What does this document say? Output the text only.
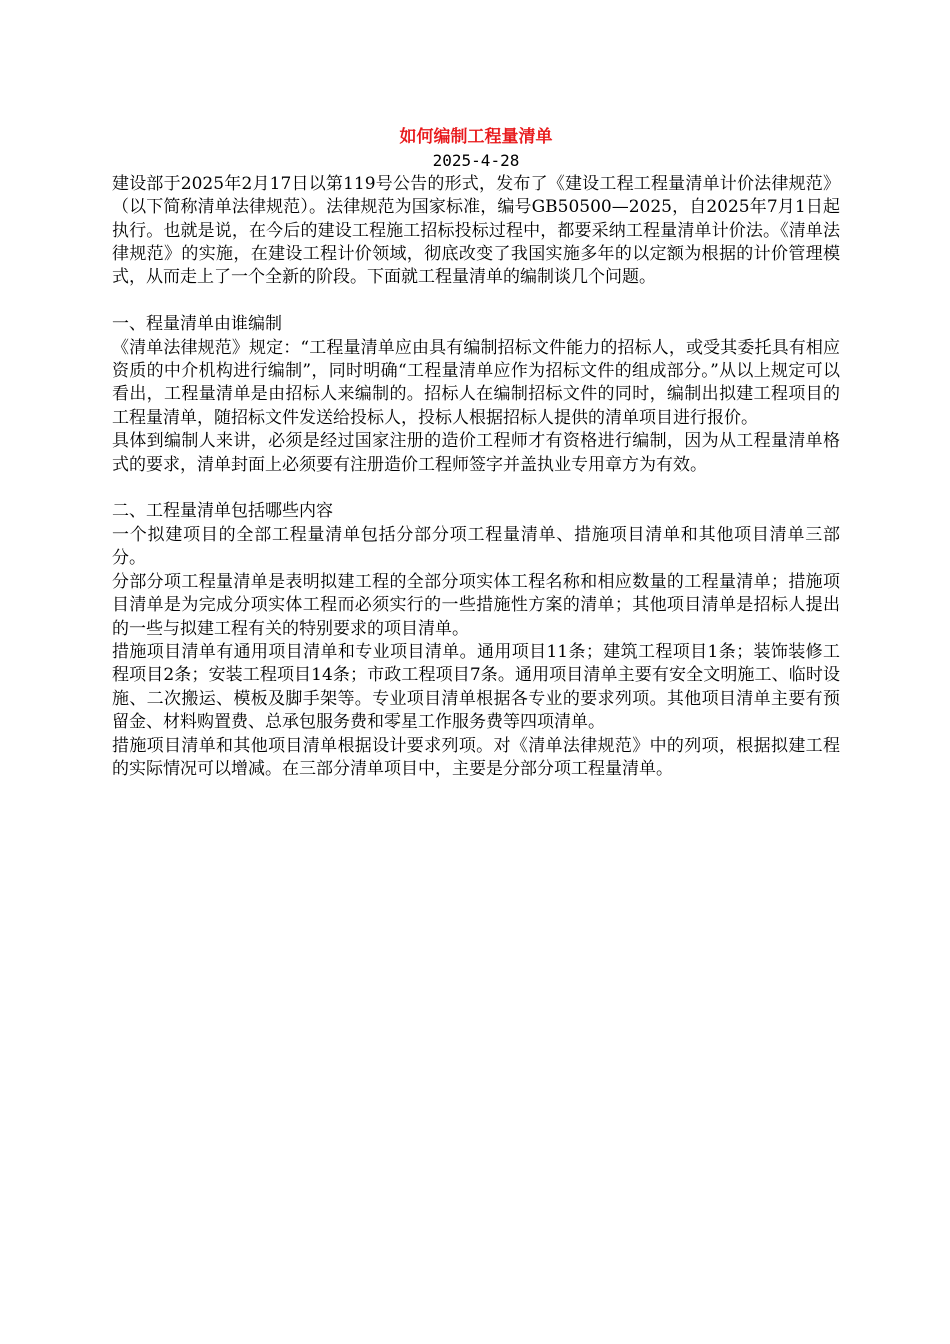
如何编制工程量清单

2025-4-28

建设部于2025年2月17日以第119号公告的形式，发布了《建设工程工程量清单计价法律规范》（以下简称清单法律规范）。法律规范为国家标准，编号GB50500—2025，自2025年7月1日起执行。也就是说，在今后的建设工程施工招标投标过程中，都要采纳工程量清单计价法。《清单法律规范》的实施，在建设工程计价领域，彻底改变了我国实施多年的以定额为根据的计价管理模式，从而走上了一个全新的阶段。下面就工程量清单的编制谈几个问题。

一、程量清单由谁编制

《清单法律规范》规定：“工程量清单应由具有编制招标文件能力的招标人，或受其委托具有相应资质的中介机构进行编制”，同时明确“工程量清单应作为招标文件的组成部分。”从以上规定可以看出，工程量清单是由招标人来编制的。招标人在编制招标文件的同时，编制出拟建工程项目的工程量清单，随招标文件发送给投标人，投标人根据招标人提供的清单项目进行报价。

具体到编制人来讲，必须是经过国家注册的造价工程师才有资格进行编制，因为从工程量清单格式的要求，清单封面上必须要有注册造价工程师签字并盖执业专用章方为有效。

二、工程量清单包括哪些内容

一个拟建项目的全部工程量清单包括分部分项工程量清单、措施项目清单和其他项目清单三部分。

分部分项工程量清单是表明拟建工程的全部分项实体工程名称和相应数量的工程量清单；措施项目清单是为完成分项实体工程而必须实行的一些措施性方案的清单；其他项目清单是招标人提出的一些与拟建工程有关的特别要求的项目清单。

措施项目清单有通用项目清单和专业项目清单。通用项目11条；建筑工程项目1条；装饰装修工程项目2条；安装工程项目14条；市政工程项目7条。通用项目清单主要有安全文明施工、临时设施、二次搬运、模板及脚手架等。专业项目清单根据各专业的要求列项。其他项目清单主要有预留金、材料购置费、总承包服务费和零星工作服务费等四项清单。

措施项目清单和其他项目清单根据设计要求列项。对《清单法律规范》中的列项，根据拟建工程的实际情况可以增减。在三部分清单项目中，主要是分部分项工程量清单。
